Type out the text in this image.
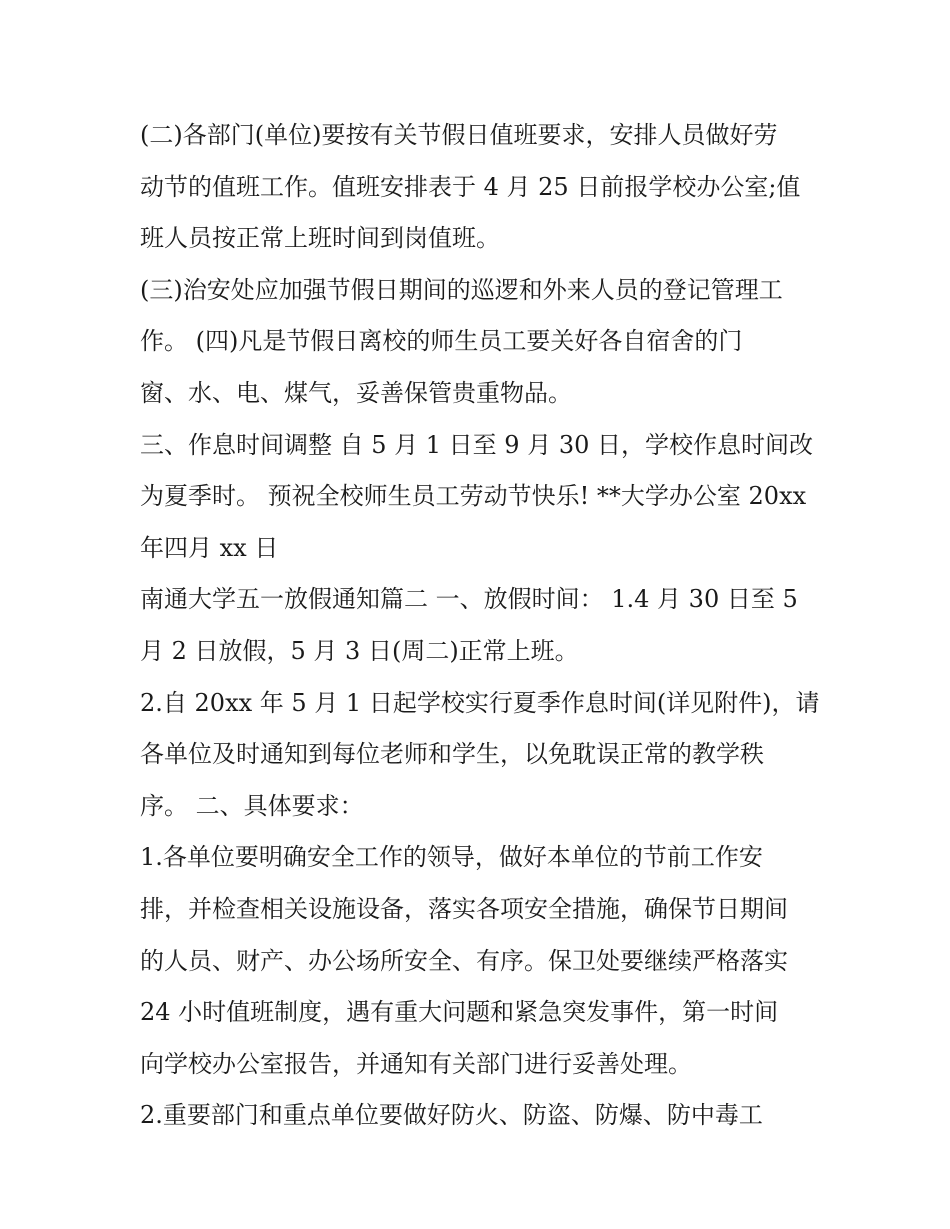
(二)各部门(单位)要按有关节假日值班要求，安排人员做好劳
动节的值班工作。值班安排表于 4 月 25 日前报学校办公室;值
班人员按正常上班时间到岗值班。
(三)治安处应加强节假日期间的巡逻和外来人员的登记管理工
作。 (四)凡是节假日离校的师生员工要关好各自宿舍的门
窗、水、电、煤气，妥善保管贵重物品。
三、作息时间调整 自 5 月 1 日至 9 月 30 日，学校作息时间改
为夏季时。 预祝全校师生员工劳动节快乐! **大学办公室 20xx
年四月 xx 日
南通大学五一放假通知篇二 一、放假时间： 1.4 月 30 日至 5
月 2 日放假，5 月 3 日(周二)正常上班。
2.自 20xx 年 5 月 1 日起学校实行夏季作息时间(详见附件)，请
各单位及时通知到每位老师和学生，以免耽误正常的教学秩
序。 二、具体要求：
1.各单位要明确安全工作的领导，做好本单位的节前工作安
排，并检查相关设施设备，落实各项安全措施，确保节日期间
的人员、财产、办公场所安全、有序。保卫处要继续严格落实
24 小时值班制度，遇有重大问题和紧急突发事件，第一时间
向学校办公室报告，并通知有关部门进行妥善处理。
2.重要部门和重点单位要做好防火、防盗、防爆、防中毒工
